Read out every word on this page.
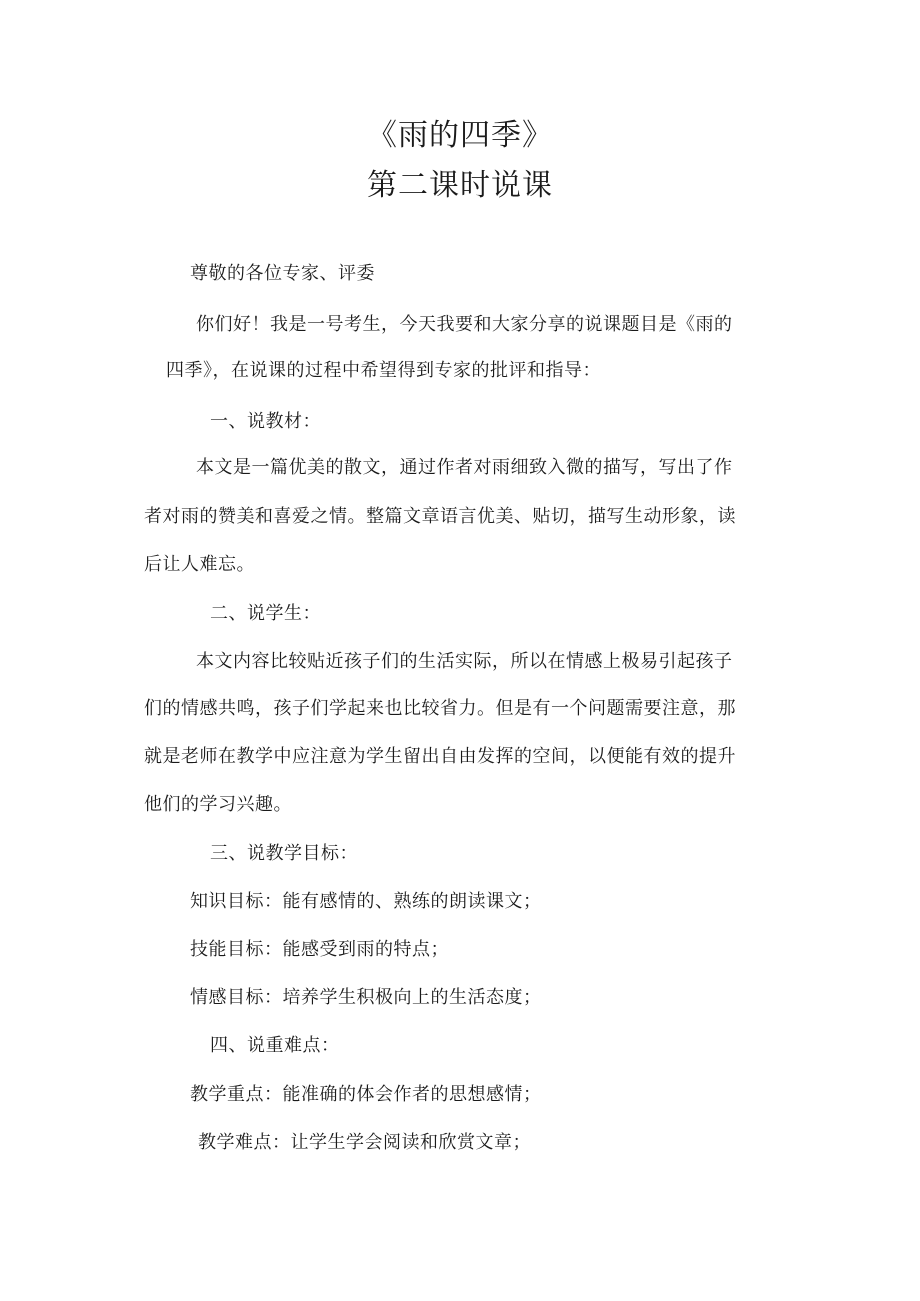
《雨的四季》
第二课时说课
尊敬的各位专家、评委
你们好！我是一号考生，今天我要和大家分享的说课题目是《雨的
四季》，在说课的过程中希望得到专家的批评和指导：
一、说教材：
本文是一篇优美的散文，通过作者对雨细致入微的描写，写出了作
者对雨的赞美和喜爱之情。整篇文章语言优美、贴切，描写生动形象，读
后让人难忘。
二、说学生：
本文内容比较贴近孩子们的生活实际，所以在情感上极易引起孩子
们的情感共鸣，孩子们学起来也比较省力。但是有一个问题需要注意，那
就是老师在教学中应注意为学生留出自由发挥的空间，以便能有效的提升
他们的学习兴趣。
三、说教学目标：
知识目标：能有感情的、熟练的朗读课文；
技能目标：能感受到雨的特点；
情感目标：培养学生积极向上的生活态度；
四、说重难点：
教学重点：能准确的体会作者的思想感情；
教学难点：让学生学会阅读和欣赏文章；
